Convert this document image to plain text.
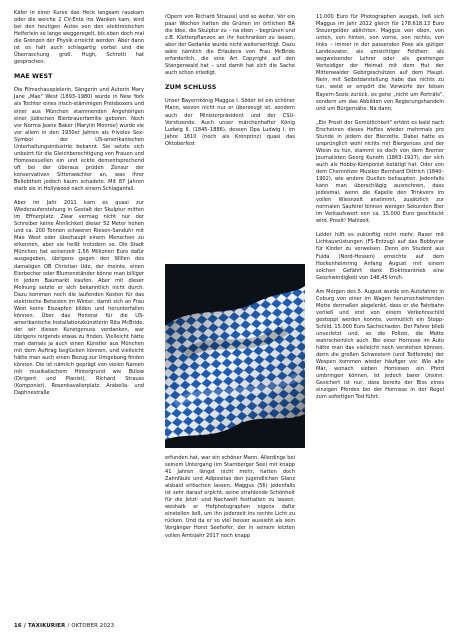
Käfer in einer Kurve das Heck langsam rauskam oder die weiche 2 CV-Ente ins Wanken kam, wird bei den heutigen Autos von den elektronischen Helferlein so lange weggeregelt, bis eben doch mal die Grenzen der Physik erreicht werden. Aber dann ist es halt auch schlagartig vorbei und die Überraschung groß. Hugh, Schrotti hat gesprochen.

MAE WEST

Die Filmschauspielerin, Sängerin und Autorin Mary Jane „Mae" West (1893–1980) wurde in New York als Tochter eines irisch-stämmigen Preisboxers und einer aus München stammenden Angehörigen einer jüdischen Bierbrauerfamilie geboren. Noch vor Norma Jeane Baker (Marylin Monroe) wurde sie vor allem in den 1930er Jahren als frivoles Sex-Symbol der US-amerikanischen Unterhaltungsindustrie bekannt. Sie setzte sich unbeirrt für die Gleichberechtigung von Frauen und Homosexuellen ein und eckte dementsprechend oft bei der überaus prüden Zensur der konservativen Sittenwächter an, was ihrer Beliebtheit jedoch kaum schadete. Mit 87 Jahren starb sie in Hollywood nach einem Schlaganfall.

Aber im Jahr 2011 kam es quasi zur Wiederauferstehung in Gestalt der Skulptur mitten im Effnerplatz. Zwar vermag nicht nur der Schreiber keine Ähnlichkeit dieser 52 Meter hohen und ca. 200 Tonnen schweren Riesen-Sanduhr mit Mae West oder überhaupt einem Menschen zu erkennen, aber sie heißt trotzdem so. Die Stadt München hat seinerzeit 1,56 Millionen Euro dafür ausgegeben, übrigens gegen den Willen des damaligen OB Christian Ude, der meinte, einen Eierbecher oder Blumenständer könne man billiger in jedem Baumarkt kaufen. Aber mit dieser Meinung setzte er sich bekanntlich nicht durch. Dazu kommen noch die laufenden Kosten für das elektrische Beheizen im Winter, damit sich an Frau West keine Eiszapfen bilden und herunterfallen können. Über das Honorar für die US-amerikanische Installationskünstlerin Rita McBride, der wir diesen Kunstgenuss verdanken, war übrigens nirgends etwas zu finden. Vielleicht hätte man damals ja auch einen Künstler aus München mit dem Auftrag beglücken können, und vielleicht hätte man auch einen Bezug zur Umgebung finden können. Die ist nämlich geprägt von vielen Namen mit musikalischem Hintergrund wie Bülow (Dirigent und Pianist), Richard Strauss (Komponist), Rosenkavalierplatz, Arabella- und Daphnestraße

(Opern von Richard Strauss) und so weiter. Vor ein paar Wochen hatten die Grünen im örtlichen BA die Idee, die Skulptur zu – na eben – begrünen und z.B. Kletterpflanzen an ihr hochranken zu lassen, aber der Gedanke wurde nicht weiterverfolgt. Dazu wäre nämlich die Erlaubnis von Frau McBride erforderlich, die eine Art Copyright auf den Stangenwald hat – und damit hat sich die Sache auch schon erledigt.

ZUM SCHLUSS

Unser Bayernkönig Maggus I. Söder ist ein schöner Mann, wovon nicht nur er überzeugt ist, sondern auch der Ministerpräsident und der CSU-Vorsitzende. Auch unser märchenhafter König Ludwig II. (1845–1886), dessen Opa Ludwig I. im Jahre 1810 (noch als Kronprinz) quasi das Oktoberfest

erfunden hat, war ein schöner Mann. Allerdings bei seinem Untergang (im Starnberger See) mit knapp 41 Jahren längst nicht mehr, hatten doch Zahnfäule und Adipositas den jugendlichen Glanz alsbald erlöschen lassen. Maggus (56) jedenfalls ist sehr darauf erpicht, seine strahlende Schönheit für die Jetzt- und Nachwelt festhalten zu lassen, weshalb er Hofphotographen eigens dafür einstellen ließ, um ihn jederzeit ins rechte Licht zu rücken. Und da er so viel besser aussieht als sein Vorgänger Horst Seehofer, der in seinem letzten vollen Amtsjahr 2017 noch knapp

11.000 Euro für Photographen ausgab, ließ sich Maggus im Jahr 2022 gleich für 178.618,13 Euro Steuergelder ablichten. Maggus von oben, von unten, von hinten, von vorne, von rechts, von links – immer in der passenden Pose als gütiger Landesvater, als umsichtiger Feldherr, als wegweisender Lehrer oder als gestrenger Verteidiger der Heimat mit dem Hut der Mittenwalder Gebirgsschützen auf dem Haupt. Nein, mit Selbstdarstellung habe das nichts zu tun, weist er empört die Vorwürfe der bösen Bayern-Sozis zurück, es gehe „nicht um Porträts", sondern um das Abbilden von Regierungshandeln und um Bürgernähe. Na dann.

„Ein Prosit der Gemütlichkeit" ertönt es bald nach Erscheinen dieses Heftes wieder mehrmals pro Stunde in jedem der Bierzelte. Dabei hatte es ursprünglich wohl nichts mit Biergenuss und der Wiesn zu tun, stammt es doch von dem Bremer Journalisten Georg Kunoth (1863–1927), der sich auch als Hobby-Komponist betätigt hat. Oder von dem Chemnitzer Musiker Bernhard Dittrich (1840–1902), wie andere Quellen behaupten. Jedenfalls kann man überschlägig ausrechnen, dass jedesmal, wenn die Kapelle den Trinkvers im vollen Wiesnzelt anstimmt, zusätzlich zur normalen Sauferei binnen weniger Sekunden Bier im Verkaufswert von ca. 15.000 Euro geschluckt wird. Prosit! Mahlzeit.

Leider hilft es zukünftig nicht mehr, Raser mit Lichtausrüstungen (FS-Entzug) auf das Bobbycar für Kinder zu verweisen. Denn ein Student aus Fulda (Nord-Hessen) erreichte auf dem Hockenheimring Anfang August mit einem solchen Gefährt dank Elektroantrieb eine Geschwindigkeit von 148,45 km/h.

Am Morgen des 5. August wurde ein Autofahrer in Coburg von einer im Wagen herumschwirrenden Motte dermaßen abgelenkt, dass er die Fahrbahn verließ und erst von einem Verkehrsschild gestoppt werden konnte, vermutlich ein Stopp-Schild. 15.000 Euro Sachschaden. Der Fahrer blieb unverletzt und, so die Polizei, die Motte wahrscheinlich auch. Bei einer Hornisse im Auto hätte man das vielleicht noch verstehen können, denn die großen Schwestern (und Todfeinde) der Wespen kommen wieder häufiger vor. Wie alte Mär, wonach sieben Hornissen ein Pferd umbringen können, ist jedoch barer Unsinn. Gesichert ist nur, dass bereits der Biss eines einzigen Pferdes bei der Hornisse in der Regel zum sofortigen Tod führt.

16 / TAXIKURIER / OKTOBER 2023
